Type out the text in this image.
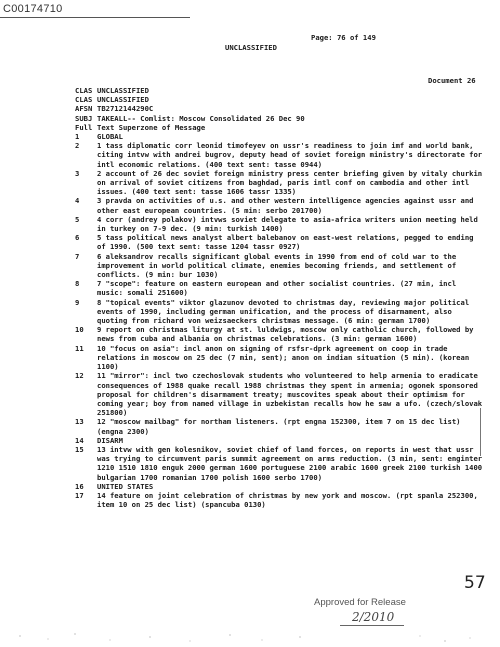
C00174710
Page: 76 of 149
UNCLASSIFIED
Document 26
CLAS UNCLASSIFIED
CLAS UNCLASSIFIED
AFSN TB2712144290C
SUBJ TAKEALL-- Comlist: Moscow Consolidated 26 Dec 90
Full Text Superzone of Message
1	GLOBAL
2	1 tass diplomatic corr leonid timofeyev on ussr's readiness to join imf and world bank, citing intvw with andrei bugrov, deputy head of soviet foreign ministry's directorate for intl economic relations. (400 text sent: tasse 0944)
3	2 account of 26 dec soviet foreign ministry press center briefing given by vitaly churkin on arrival of soviet citizens from baghdad, paris intl conf on cambodia and other intl issues. (400 text sent: tasse 1606 tassr 1335)
4	3 pravda on activities of u.s. and other western intelligence agencies against ussr and other east european countries. (5 min: serbo 201700)
5	4 corr (andrey polakov) intvws soviet delegate to asia-africa writers union meeting held in turkey on 7-9 dec. (9 min: turkish 1400)
6	5 tass political news analyst albert balebanov on east-west relations, pegged to ending of 1990. (500 text sent: tasse 1204 tassr 0927)
7	6 aleksandrov recalls significant global events in 1990 from end of cold war to the improvement in world political climate, enemies becoming friends, and settlement of conflicts. (9 min: bur 1030)
8	7 "scope": feature on eastern european and other socialist countries. (27 min, incl music: somali 251600)
9	8 "topical events" viktor glazunov devoted to christmas day, reviewing major political events of 1990, including german unification, and the process of disarmament, also quoting from richard von weizsaeckers christmas message. (6 min: german 1700)
10	9 report on christmas liturgy at st. luldwigs, moscow only catholic church, followed by news from cuba and albania on christmas celebrations. (3 min: german 1600)
11	10 "focus on asia": incl anon on signing of rsfsr-dprk agreement on coop in trade relations in moscow on 25 dec (7 min, sent); anon on indian situation (5 min). (korean 1100)
12	11 "mirror": incl two czechoslovak students who volunteered to help armenia to eradicate consequences of 1988 quake recall 1988 christmas they spent in armenia; ogonek sponsored proposal for children's disarmament treaty; muscovites speak about their optimism for coming year; boy from named village in uzbekistan recalls how he saw a ufo. (czech/slovak 251800)
13	12 "moscow mailbag" for northam listeners. (rpt engna 152300, item 7 on 15 dec list) (engna 2300)
14	DISARM
15	13 intvw with gen kolesnikov, soviet chief of land forces, on reports in west that ussr was trying to circumvent paris summit agreement on arms reduction. (3 min, sent: enginter 1210 1510 1810 enguk 2000 german 1600 portuguese 2100 arabic 1600 greek 2100 turkish 1400 bulgarian 1700 romanian 1700 polish 1600 serbo 1700)
16	UNITED STATES
17	14 feature on joint celebration of christmas by new york and moscow. (rpt spanla 252300, item 10 on 25 dec list) (spancuba 0130)
57
Approved for Release
2/2010
